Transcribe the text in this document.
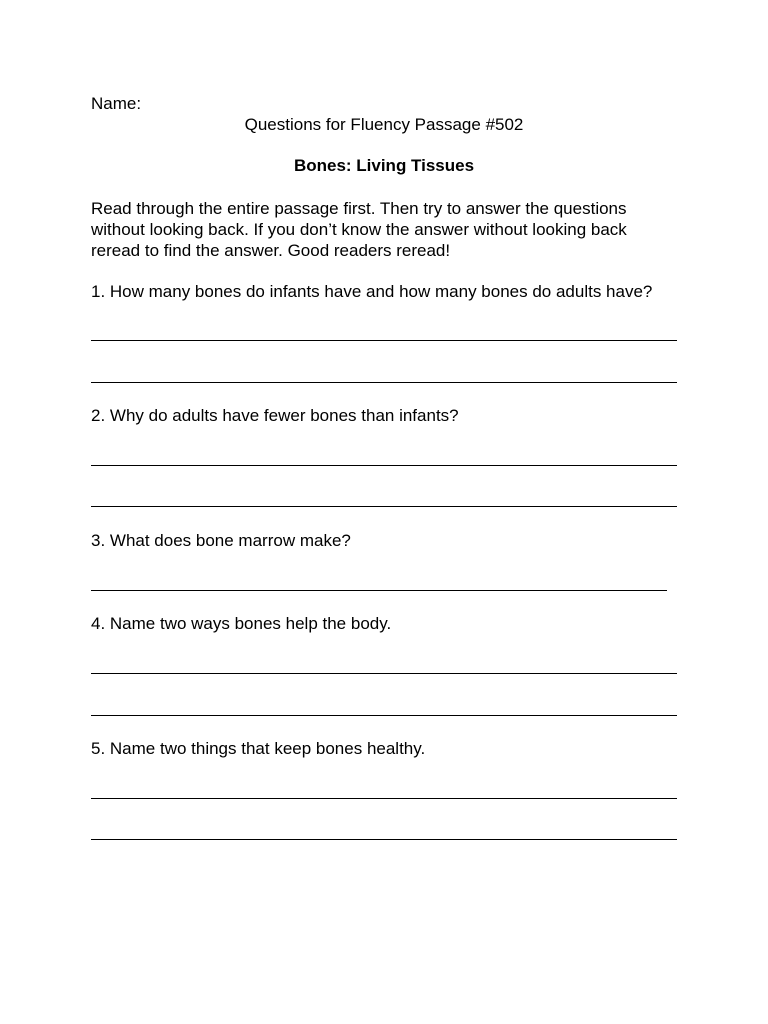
Name:
Questions for Fluency Passage #502
Bones: Living Tissues
Read through the entire passage first. Then try to answer the questions
without looking back. If you don’t know the answer without looking back
reread to find the answer. Good readers reread!
1. How many bones do infants have and how many bones do adults have?
2. Why do adults have fewer bones than infants?
3. What does bone marrow make?
4. Name two ways bones help the body.
5. Name two things that keep bones healthy.
